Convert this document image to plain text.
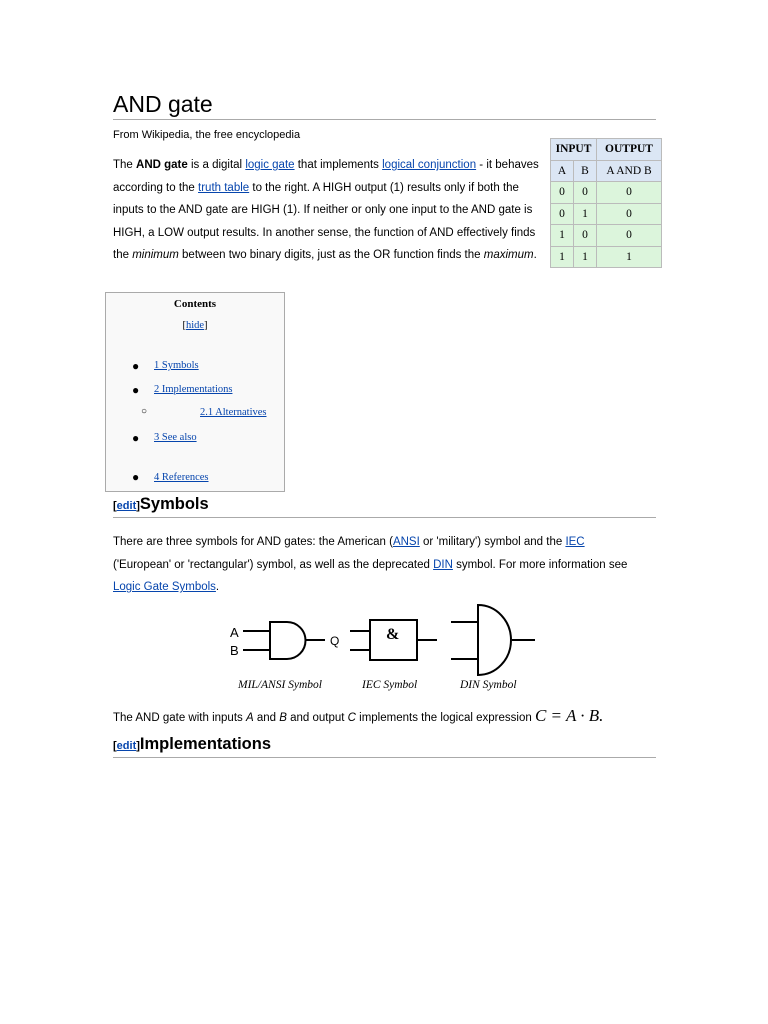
AND gate
From Wikipedia, the free encyclopedia

The AND gate is a digital logic gate that implements logical conjunction - it behaves according to the truth table to the right. A HIGH output (1) results only if both the inputs to the AND gate are HIGH (1). If neither or only one input to the AND gate is HIGH, a LOW output results. In another sense, the function of AND effectively finds the minimum between two binary digits, just as the OR function finds the maximum.

INPUT		OUTPUT
A	B	A AND B
0	0	0
0	1	0
1	0	0
1	1	1
Contents
[hide]
● 1 Symbols
● 2 Implementations
○	2.1 Alternatives
● 3 See also
● 4 References
[edit]Symbols

There are three symbols for AND gates: the American (ANSI or 'military') symbol and the IEC ('European' or 'rectangular') symbol, as well as the deprecated DIN symbol. For more information see Logic Gate Symbols.

A
B
Q	&
MIL/ANSI Symbol	IEC Symbol	DIN Symbol
The AND gate with inputs A and B and output C implements the logical expression C = A · B.
[edit]Implementations
